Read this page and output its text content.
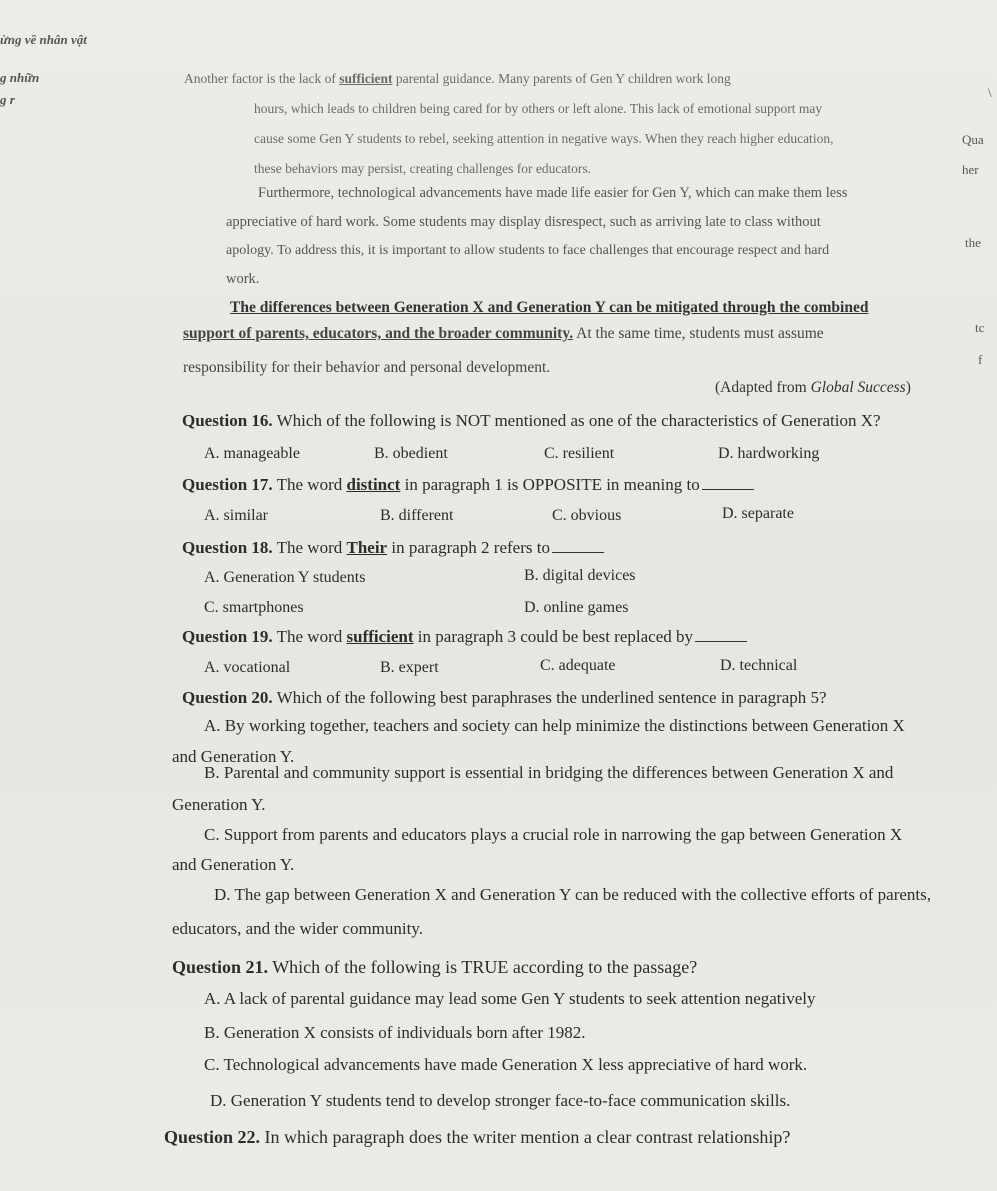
ừng về nhân vật
g nhữn
g r	\
Qua
her
the
tc
f
Another factor is the lack of sufficient parental guidance. Many parents of Gen Y children work long
hours, which leads to children being cared for by others or left alone. This lack of emotional support may
cause some Gen Y students to rebel, seeking attention in negative ways. When they reach higher education,
these behaviors may persist, creating challenges for educators.
Furthermore, technological advancements have made life easier for Gen Y, which can make them less
appreciative of hard work. Some students may display disrespect, such as arriving late to class without
apology. To address this, it is important to allow students to face challenges that encourage respect and hard
work.
The differences between Generation X and Generation Y can be mitigated through the combined
support of parents, educators, and the broader community. At the same time, students must assume
responsibility for their behavior and personal development.
(Adapted from Global Success)
Question 16. Which of the following is NOT mentioned as one of the characteristics of Generation X?
A. manageable	B. obedient	C. resilient	D. hardworking
Question 17. The word distinct in paragraph 1 is OPPOSITE in meaning to
A. similar	B. different	C. obvious	D. separate
Question 18. The word Their in paragraph 2 refers to
A. Generation Y students	B. digital devices
C. smartphones	D. online games
Question 19. The word sufficient in paragraph 3 could be best replaced by
A. vocational	B. expert	C. adequate	D. technical
Question 20. Which of the following best paraphrases the underlined sentence in paragraph 5?
A. By working together, teachers and society can help minimize the distinctions between Generation X
and Generation Y.
B. Parental and community support is essential in bridging the differences between Generation X and
Generation Y.
C. Support from parents and educators plays a crucial role in narrowing the gap between Generation X
and Generation Y.
D. The gap between Generation X and Generation Y can be reduced with the collective efforts of parents,
educators, and the wider community.
Question 21. Which of the following is TRUE according to the passage?
A. A lack of parental guidance may lead some Gen Y students to seek attention negatively
B. Generation X consists of individuals born after 1982.
C. Technological advancements have made Generation X less appreciative of hard work.
D. Generation Y students tend to develop stronger face-to-face communication skills.
Question 22. In which paragraph does the writer mention a clear contrast relationship?
